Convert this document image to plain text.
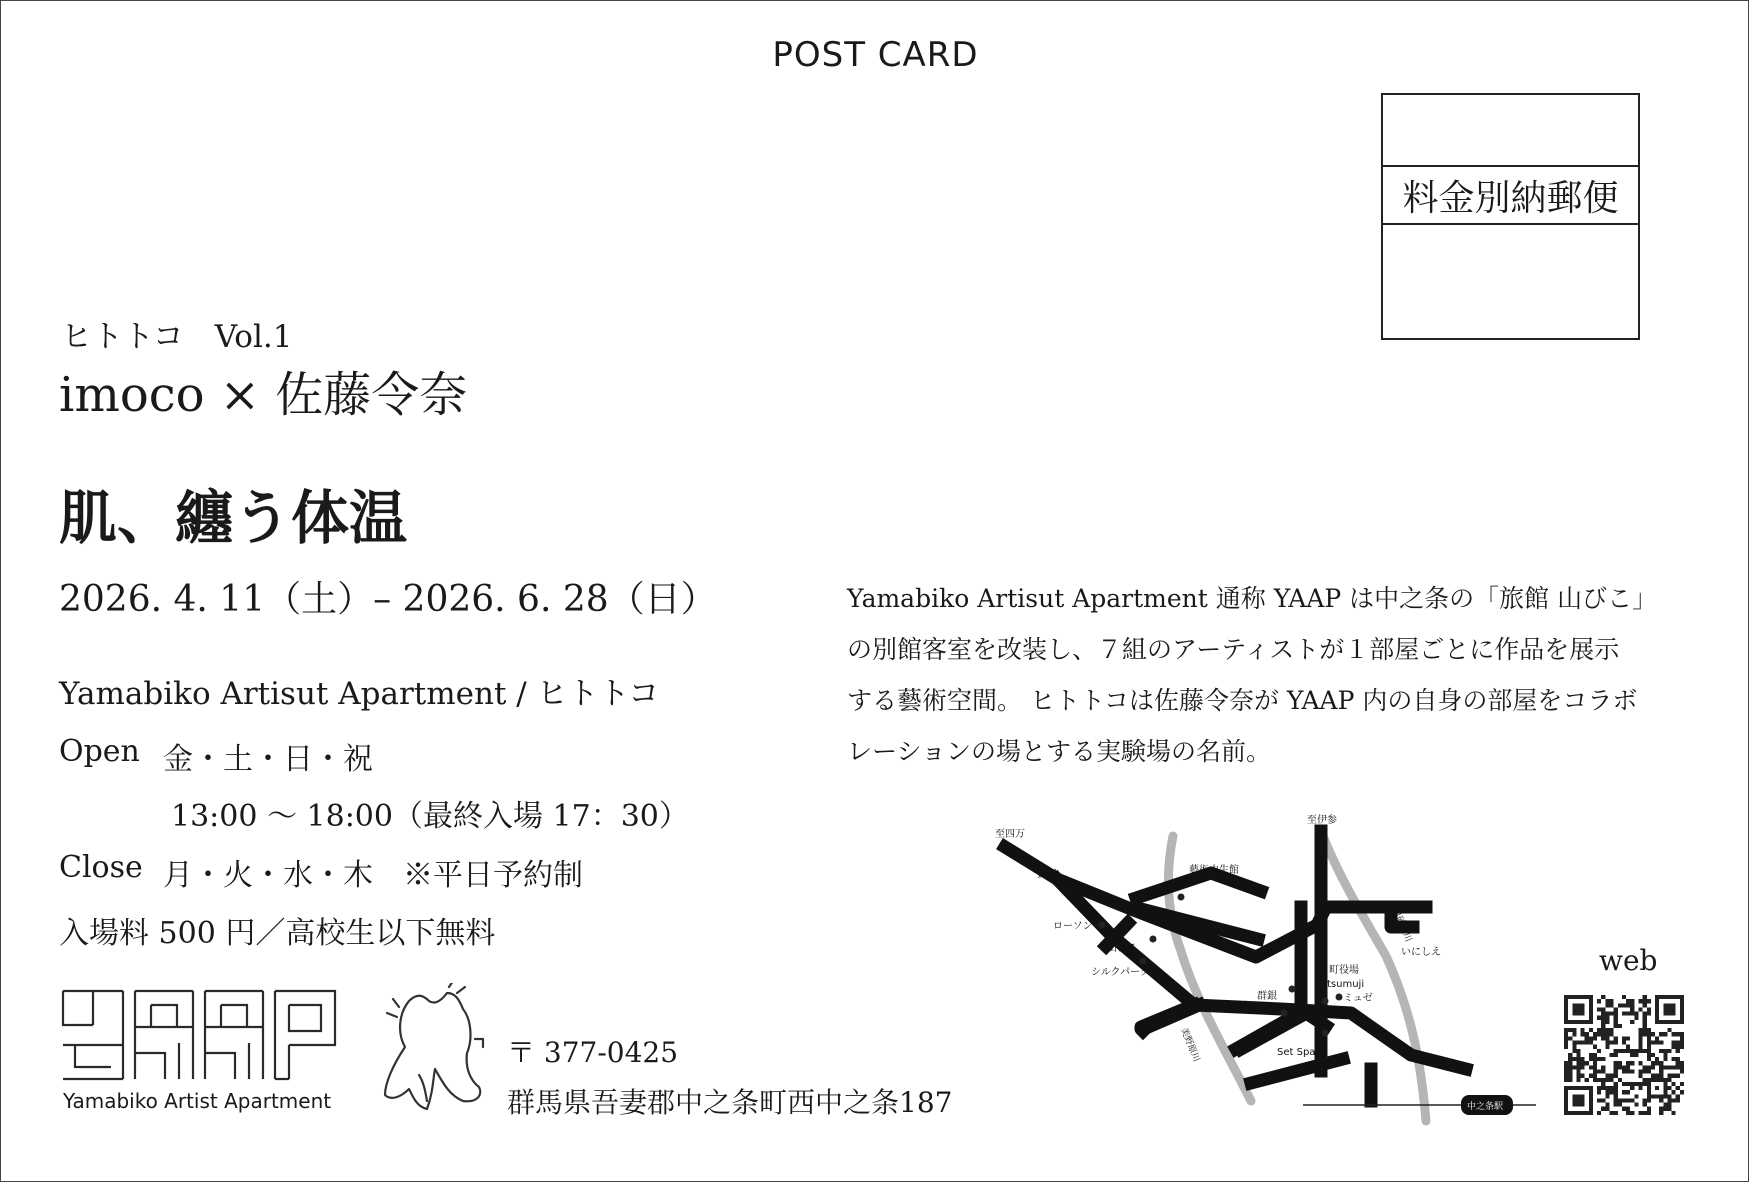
POST CARD
料金別納郵便
ヒトトコ　Vol.1
imoco × 佐藤令奈
肌、纏う体温
2026. 4. 11（土）– 2026. 6. 28（日）
Yamabiko Artisut Apartment / ヒトトコ
Open 金・土・日・祝
13:00 ～ 18:00（最終入場 17：30）
Close 月・火・水・木　※平日予約制
入場料 500 円／高校生以下無料

Yamabiko Artisut Apartment 通称 YAAP は中之条の「旅館 山びこ」

の別館客室を改装し、７組のアーティストが１部屋ごとに作品を展示

する藝術空間。 ヒトトコは佐藤令奈が YAAP 内の自身の部屋をコラボ

レーションの場とする実験場の名前。

Yamabiko Artist Apartment
〒 377-0425
群馬県吾妻郡中之条町西中之条187
至四万
折田	藝術中生館
ローソン
山びこ
シルクパーク
至伊参
GS
いにしえ
町役場
tsumuji
ミュゼ
群銀
上ノ町
Set Space
中之条駅
美野原川
白砂沢川
web
